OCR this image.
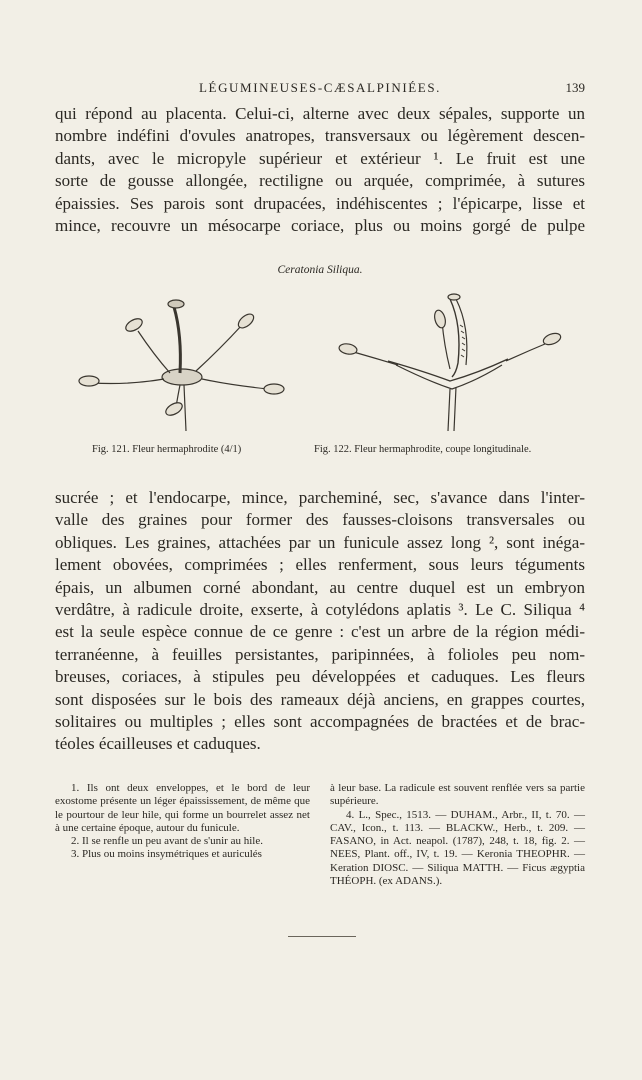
LÉGUMINEUSES-CÆSALPINIÉES.	139
qui répond au placenta. Celui-ci, alterne avec deux sépales, supporte un
nombre indéfini d'ovules anatropes, transversaux ou légèrement descen-
dants, avec le micropyle supérieur et extérieur ¹. Le fruit est une
sorte de gousse allongée, rectiligne ou arquée, comprimée, à sutures
épaissies. Ses parois sont drupacées, indéhiscentes ; l'épicarpe, lisse et
mince, recouvre un mésocarpe coriace, plus ou moins gorgé de pulpe
Ceratonia Siliqua.
Fig. 121. Fleur hermaphrodite (4/1)	Fig. 122. Fleur hermaphrodite, coupe longitudinale.
sucrée ; et l'endocarpe, mince, parcheminé, sec, s'avance dans l'inter-
valle des graines pour former des fausses-cloisons transversales ou
obliques. Les graines, attachées par un funicule assez long ², sont inéga-
lement obovées, comprimées ; elles renferment, sous leurs téguments
épais, un albumen corné abondant, au centre duquel est un embryon
verdâtre, à radicule droite, exserte, à cotylédons aplatis ³. Le C. Siliqua ⁴
est la seule espèce connue de ce genre : c'est un arbre de la région médi-
terranéenne, à feuilles persistantes, paripinnées, à folioles peu nom-
breuses, coriaces, à stipules peu développées et caduques. Les fleurs
sont disposées sur le bois des rameaux déjà anciens, en grappes courtes,
solitaires ou multiples ; elles sont accompagnées de bractées et de brac-
téoles écailleuses et caduques.

1. Ils ont deux enveloppes, et le bord de leur exostome présente un léger épaississement, de même que le pourtour de leur hile, qui forme un bourrelet assez net à une certaine époque, autour du funicule.

2. Il se renfle un peu avant de s'unir au hile.

3. Plus ou moins insymétriques et auriculés

à leur base. La radicule est souvent renflée vers sa partie supérieure.

4. L., Spec., 1513. — DUHAM., Arbr., II, t. 70. — CAV., Icon., t. 113. — BLACKW., Herb., t. 209. — FASANO, in Act. neapol. (1787), 248, t. 18, fig. 2. — NEES, Plant. off., IV, t. 19. — Keronia THEOPHR. — Keration DIOSC. — Siliqua MATTH. — Ficus ægyptia THÉOPH. (ex ADANS.).
